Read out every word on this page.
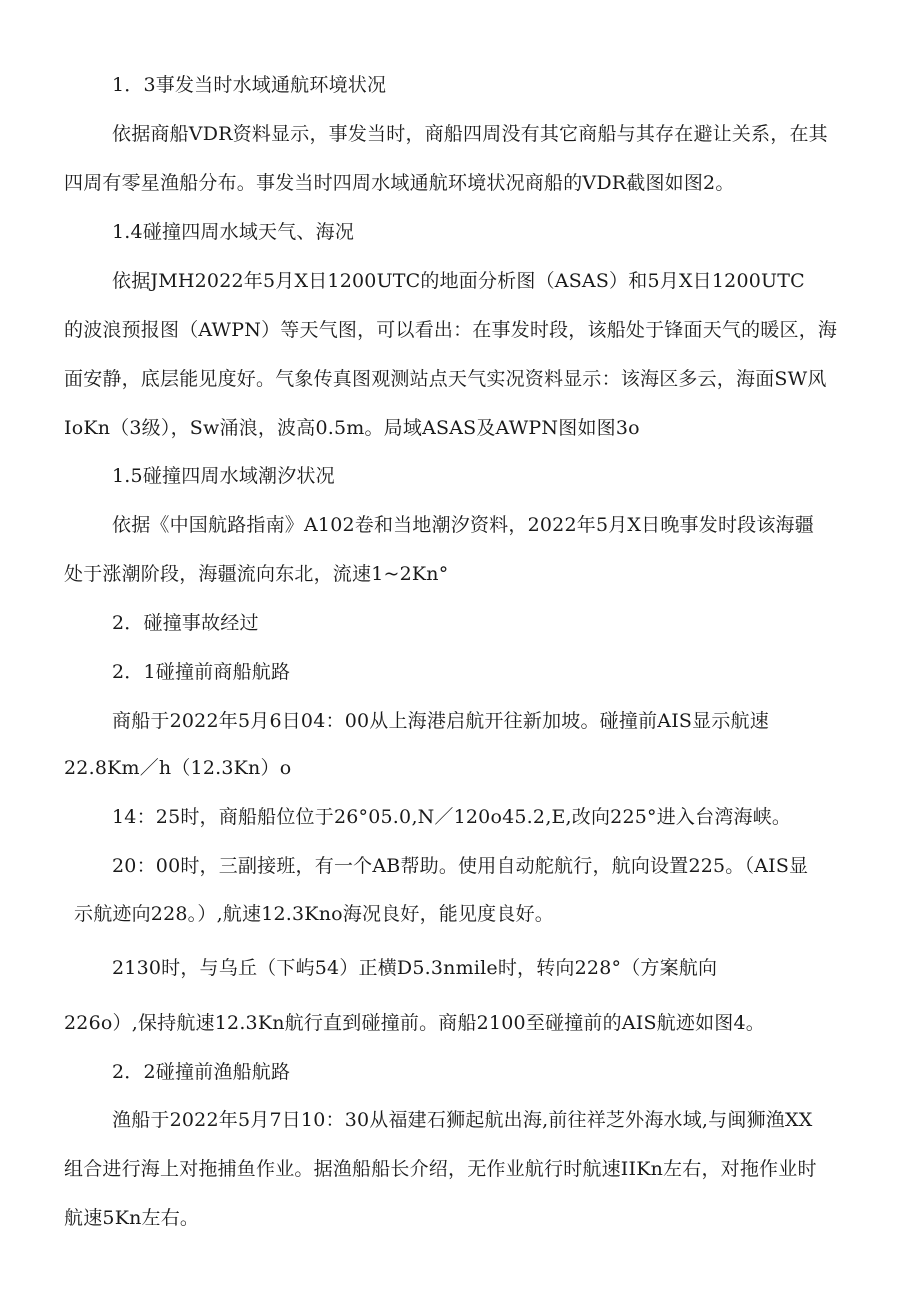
1．3事发当时水域通航环境状况
依据商船VDR资料显示，事发当时，商船四周没有其它商船与其存在避让关系，在其
四周有零星渔船分布。事发当时四周水域通航环境状况商船的VDR截图如图2。
1.4碰撞四周水域天气、海况
依据JMH2022年5月X日1200UTC的地面分析图（ASAS）和5月X日1200UTC
的波浪预报图（AWPN）等天气图，可以看出：在事发时段，该船处于锋面天气的暖区，海
面安静，底层能见度好。气象传真图观测站点天气实况资料显示：该海区多云，海面SW风
IoKn（3级），Sw涌浪，波高0.5m。局域ASAS及AWPN图如图3o
1.5碰撞四周水域潮汐状况
依据《中国航路指南》A102卷和当地潮汐资料，2022年5月X日晚事发时段该海疆
处于涨潮阶段，海疆流向东北，流速1~2Kn°
2．碰撞事故经过
2．1碰撞前商船航路
商船于2022年5月6日04：00从上海港启航开往新加坡。碰撞前AIS显示航速
22.8Km／h（12.3Kn）o
14：25时，商船船位位于26°05.0‚N／120o45.2‚E,改向225°进入台湾海峡。
20：00时，三副接班，有一个AB帮助。使用自动舵航行，航向设置225。（AIS显
示航迹向228。）,航速12.3Kno海况良好，能见度良好。
2130时，与乌丘（下屿54）正横D5.3nmile时，转向228°（方案航向
226o）,保持航速12.3Kn航行直到碰撞前。商船2100至碰撞前的AIS航迹如图4。
2．2碰撞前渔船航路
渔船于2022年5月7日10：30从福建石狮起航出海,前往祥芝外海水域,与闽狮渔XX
组合进行海上对拖捕鱼作业。据渔船船长介绍，无作业航行时航速IIKn左右，对拖作业时
航速5Kn左右。
